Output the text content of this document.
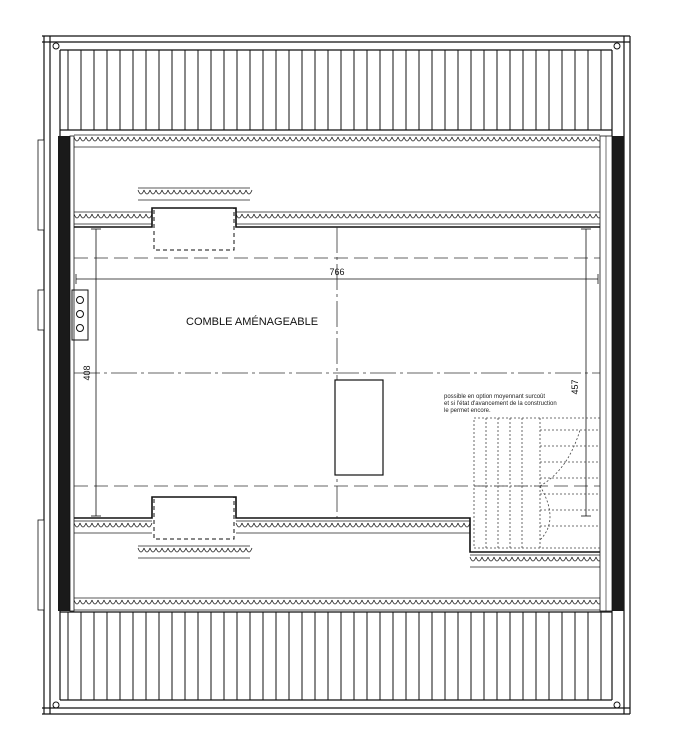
766
408
457
COMBLE AMÉNAGEABLE
possible en option moyennant surcoût
et si l'état d'avancement de la construction
le permet encore.
